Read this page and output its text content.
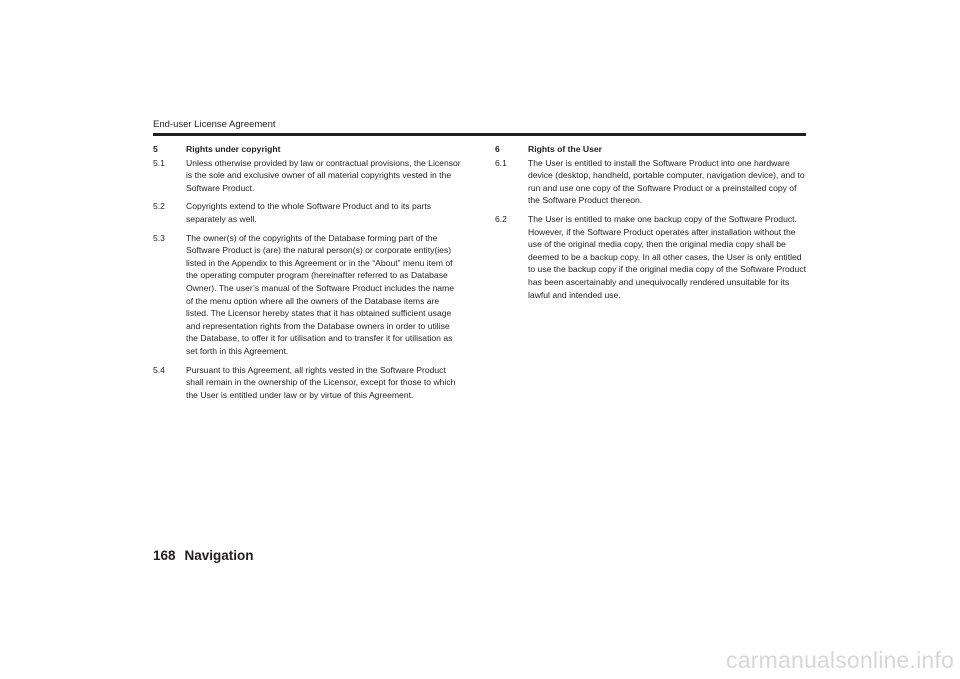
End-user License Agreement
5	Rights under copyright
5.1	Unless otherwise provided by law or contractual provisions, the Licensor is the sole and exclusive owner of all material copyrights vested in the Software Product.
5.2	Copyrights extend to the whole Software Product and to its parts separately as well.
5.3	The owner(s) of the copyrights of the Database forming part of the Software Product is (are) the natural person(s) or corporate entity(ies) listed in the Appendix to this Agreement or in the “About” menu item of the operating computer program (hereinafter referred to as Database Owner). The user’s manual of the Software Product includes the name of the menu option where all the owners of the Database items are listed. The Licensor hereby states that it has obtained sufficient usage and representation rights from the Database owners in order to utilise the Database, to offer it for utilisation and to transfer it for utilisation as set forth in this Agreement.
5.4	Pursuant to this Agreement, all rights vested in the Software Product shall remain in the ownership of the Licensor, except for those to which the User is entitled under law or by virtue of this Agreement.
6	Rights of the User
6.1	The User is entitled to install the Software Product into one hardware device (desktop, handheld, portable computer, navigation device), and to run and use one copy of the Software Product or a preinstalled copy of the Software Product thereon.
6.2	The User is entitled to make one backup copy of the Software Product. However, if the Software Product operates after installation without the use of the original media copy, then the original media copy shall be deemed to be a backup copy. In all other cases, the User is only entitled to use the backup copy if the original media copy of the Software Product has been ascertainably and unequivocally rendered unsuitable for its lawful and intended use.
168 Navigation
carmanualsonline.info
